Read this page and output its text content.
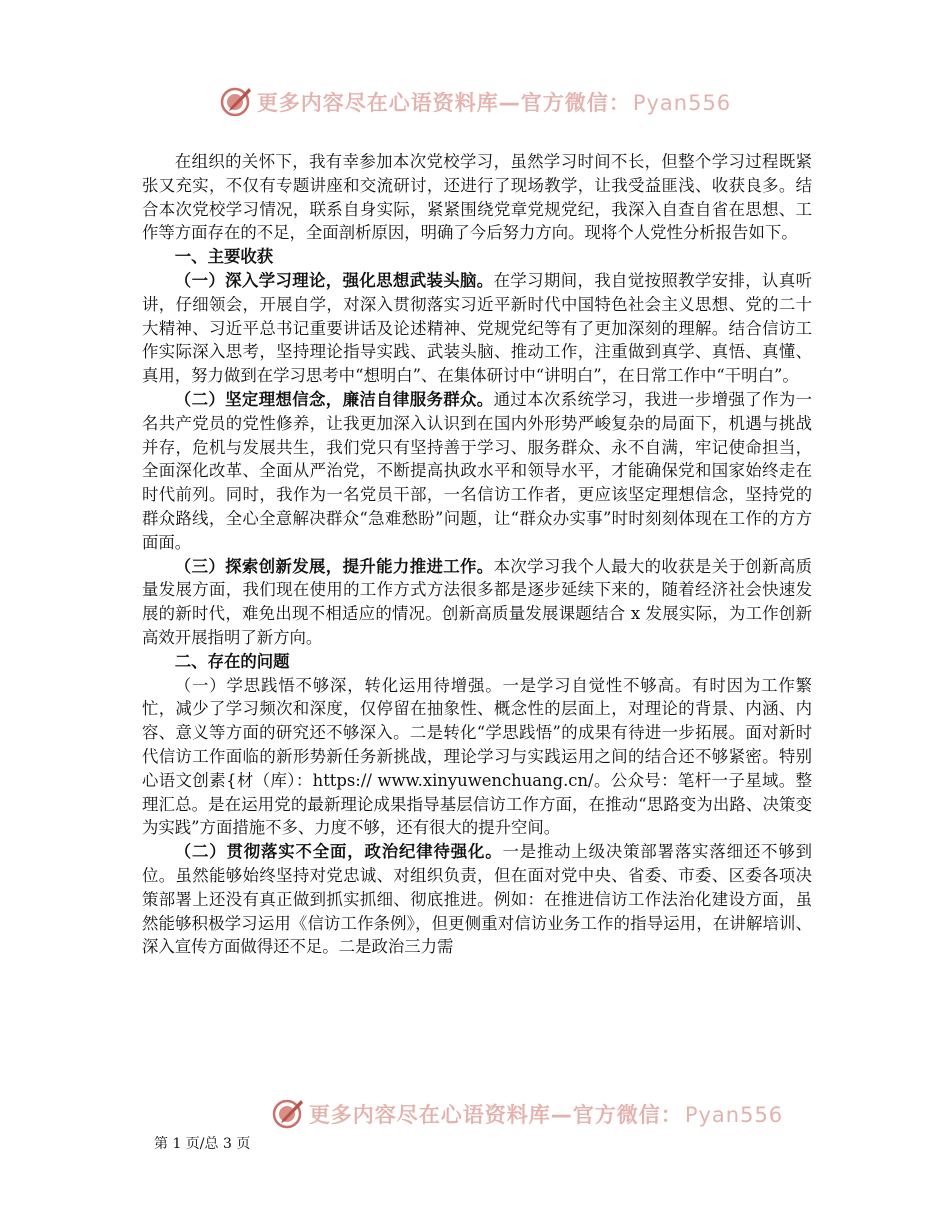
更多内容尽在心语资料库—官方微信：Pyan556

在组织的关怀下，我有幸参加本次党校学习，虽然学习时间不长，但整个学习过程既紧张又充实，不仅有专题讲座和交流研讨，还进行了现场教学，让我受益匪浅、收获良多。结合本次党校学习情况，联系自身实际，紧紧围绕党章党规党纪，我深入自查自省在思想、工作等方面存在的不足，全面剖析原因，明确了今后努力方向。现将个人党性分析报告如下。

一、主要收获

（一）深入学习理论，强化思想武装头脑。在学习期间，我自觉按照教学安排，认真听讲，仔细领会，开展自学，对深入贯彻落实习近平新时代中国特色社会主义思想、党的二十大精神、习近平总书记重要讲话及论述精神、党规党纪等有了更加深刻的理解。结合信访工作实际深入思考，坚持理论指导实践、武装头脑、推动工作，注重做到真学、真悟、真懂、真用，努力做到在学习思考中“想明白”、在集体研讨中“讲明白”，在日常工作中“干明白”。

（二）坚定理想信念，廉洁自律服务群众。通过本次系统学习，我进一步增强了作为一名共产党员的党性修养，让我更加深入认识到在国内外形势严峻复杂的局面下，机遇与挑战并存，危机与发展共生，我们党只有坚持善于学习、服务群众、永不自满，牢记使命担当，全面深化改革、全面从严治党，不断提高执政水平和领导水平，才能确保党和国家始终走在时代前列。同时，我作为一名党员干部，一名信访工作者，更应该坚定理想信念，坚持党的群众路线，全心全意解决群众“急难愁盼”问题，让“群众办实事”时时刻刻体现在工作的方方面面。

（三）探索创新发展，提升能力推进工作。本次学习我个人最大的收获是关于创新高质量发展方面，我们现在使用的工作方式方法很多都是逐步延续下来的，随着经济社会快速发展的新时代，难免出现不相适应的情况。创新高质量发展课题结合 x 发展实际，为工作创新高效开展指明了新方向。

二、存在的问题

（一）学思践悟不够深，转化运用待增强。一是学习自觉性不够高。有时因为工作繁忙，减少了学习频次和深度，仅停留在抽象性、概念性的层面上，对理论的背景、内涵、内容、意义等方面的研究还不够深入。二是转化“学思践悟”的成果有待进一步拓展。面对新时代信访工作面临的新形势新任务新挑战，理论学习与实践运用之间的结合还不够紧密。特别心语文创素{材（库）：https:// www.xinyuwenchuang.cn/。公众号：笔杆一子星域。整理汇总。是在运用党的最新理论成果指导基层信访工作方面，在推动“思路变为出路、决策变为实践”方面措施不多、力度不够，还有很大的提升空间。

（二）贯彻落实不全面，政治纪律待强化。一是推动上级决策部署落实落细还不够到位。虽然能够始终坚持对党忠诚、对组织负责，但在面对党中央、省委、市委、区委各项决策部署上还没有真正做到抓实抓细、彻底推进。例如：在推进信访工作法治化建设方面，虽然能够积极学习运用《信访工作条例》，但更侧重对信访业务工作的指导运用，在讲解培训、深入宣传方面做得还不足。二是政治三力需

更多内容尽在心语资料库—官方微信：Pyan556
第 1 页/总 3 页
